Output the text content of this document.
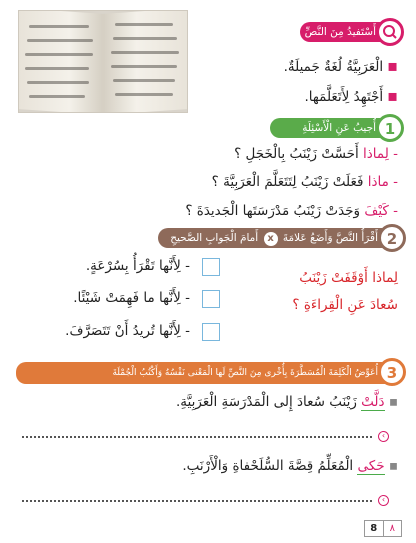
أَسْتَفيدُ مِنَ النَّصِّ
▪الْعَرَبِيَّةُ لُغَةٌ جَميلَةٌ.
▪أَجْتَهِدُ لِأَتَعَلَّمَها.
أُجيبُ عَنِ الْأَسْئِلَةِ 1
- لِماذا أَحَسَّتْ زَيْنَبُ بِالْخَجَلِ ؟
- ماذا فَعَلَتْ زَيْنَبُ لِتَتَعَلَّمَ الْعَرَبِيَّةَ ؟
- كَيْفَ وَجَدَتْ زَيْنَبُ مَدْرَسَتَها الْجَديدَةَ ؟
أَقْرَأُ النَّصَّ وَأَضَعُ عَلامَةَ x أَمامَ الْجَوابِ الصَّحيحِ	2
لِماذا أَوْقَفَتْ زَيْنَبُ
سُعادَ عَنِ الْقِراءَةِ ؟
- لِأَنَّها تَقْرَأُ بِسُرْعَةٍ.
- لِأَنَّها ما فَهِمَتْ شَيْئًا.
- لِأَنَّها تُريدُ أَنْ تَتَصَرَّفَ.
أُعَوِّضُ الْكَلِمَةَ الْمُسَطَّرَةَ بِأُخْرى مِنَ النَّصِّ لَها الْمَعْنى نَفْسُهُ وَأَكْتُبُ الْجُمْلَةَ 3
▪ دَلَّتْ زَيْنَبُ سُعادَ إِلى الْمَدْرَسَةِ الْعَرَبِيَّةِ.
‹
▪ حَكى الْمُعَلِّمُ قِصَّةَ السُّلَحْفاةِ وَالْأَرْنَبِ.
‹
8	٨
